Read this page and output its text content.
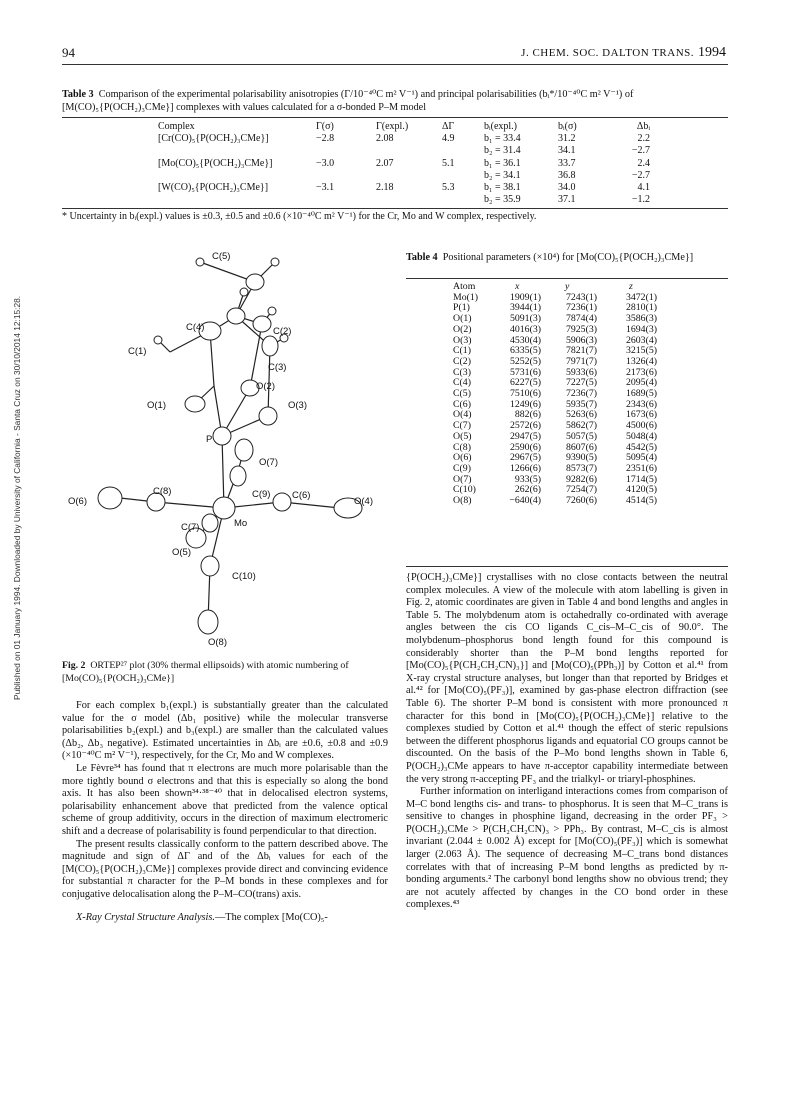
94	J. CHEM. SOC. DALTON TRANS. 1994
Published on 01 January 1994. Downloaded by University of California - Santa Cruz on 30/10/2014 12:15:28.
Table 3 Comparison of the experimental polarisability anisotropies (Γ/10⁻⁴⁰C m² V⁻¹) and principal polarisabilities (bᵢ*/10⁻⁴⁰C m² V⁻¹) of [M(CO)₅{P(OCH₂)₃CMe}] complexes with values calculated for a σ-bonded P–M model
Complex	Γ(σ)	Γ(expl.)	ΔΓ	bᵢ(expl.)	bᵢ(σ)	Δbᵢ
[Cr(CO)₅{P(OCH₂)₃CMe}]	−2.8	2.08	4.9	b₁ = 33.4	31.2	2.2
				b₂ = 31.4	34.1	−2.7
[Mo(CO)₅{P(OCH₂)₃CMe}]	−3.0	2.07	5.1	b₁ = 36.1	33.7	2.4
				b₂ = 34.1	36.8	−2.7
[W(CO)₅{P(OCH₂)₃CMe}]	−3.1	2.18	5.3	b₁ = 38.1	34.0	4.1
				b₂ = 35.9	37.1	−1.2
* Uncertainty in bᵢ(expl.) values is ±0.3, ±0.5 and ±0.6 (×10⁻⁴⁰C m² V⁻¹) for the Cr, Mo and W complex, respectively.
C(5)
C(4)	C(2)
C(1)
C(3)
O(2)
O(1)	O(3)
P
O(7)
C(8)
O(6)
C(9) C(6)
O(4)
C(7)	Mo
O(5)
C(10)
O(8)
Fig. 2 ORTEP²⁷ plot (30% thermal ellipsoids) with atomic numbering of [Mo(CO)₅{P(OCH₂)₃CMe}]
Table 4 Positional parameters (×10⁴) for [Mo(CO)₅{P(OCH₂)₃CMe}]
Atom	x	y	z
Mo(1)	1909(1)	7243(1)	3472(1)
P(1)	3944(1)	7236(1)	2810(1)
O(1)	5091(3)	7874(4)	3586(3)
O(2)	4016(3)	7925(3)	1694(3)
O(3)	4530(4)	5906(3)	2603(4)
C(1)	6335(5)	7821(7)	3215(5)
C(2)	5252(5)	7971(7)	1326(4)
C(3)	5731(6)	5933(6)	2173(6)
C(4)	6227(5)	7227(5)	2095(4)
C(5)	7510(6)	7236(7)	1689(5)
C(6)	1249(6)	5935(7)	2343(6)
O(4)	882(6)	5263(6)	1673(6)
C(7)	2572(6)	5862(7)	4500(6)
O(5)	2947(5)	5057(5)	5048(4)
C(8)	2590(6)	8607(6)	4542(5)
O(6)	2967(5)	9390(5)	5095(4)
C(9)	1266(6)	8573(7)	2351(6)
O(7)	933(5)	9282(6)	1714(5)
C(10)	262(6)	7254(7)	4120(5)
O(8)	−640(4)	7260(6)	4514(5)

For each complex b₁(expl.) is substantially greater than the calculated value for the σ model (Δb₁ positive) while the molecular transverse polarisabilities b₂(expl.) and b₃(expl.) are smaller than the calculated values (Δb₂, Δb₃ negative). Estimated uncertainties in Δbᵢ are ±0.6, ±0.8 and ±0.9 (×10⁻⁴⁰C m² V⁻¹), respectively, for the Cr, Mo and W complexes.

Le Fèvre³⁴ has found that π electrons are much more polarisable than the more tightly bound σ electrons and that this is especially so along the bond axis. It has also been shown³⁴·³⁸⁻⁴⁰ that in delocalised electron systems, polarisability enhancement above that predicted from the valence optical scheme of group additivity, occurs in the direction of maximum electromeric shift and a decrease of polarisability is found perpendicular to that direction.

The present results classically conform to the pattern described above. The magnitude and sign of ΔΓ and of the Δbᵢ values for each of the [M(CO)₅{P(OCH₂)₃CMe}] complexes provide direct and convincing evidence for substantial π character for the P–M bonds in these complexes and for conjugative delocalisation along the P–M–CO(trans) axis.

X-Ray Crystal Structure Analysis.—The complex [Mo(CO)₅-

{P(OCH₂)₃CMe}] crystallises with no close contacts between the neutral complex molecules. A view of the molecule with atom labelling is given in Fig. 2, atomic coordinates are given in Table 4 and bond lengths and angles in Table 5. The molybdenum atom is octahedrally co-ordinated with average angles between the cis CO ligands C_cis–M–C_cis of 90.0°. The molybdenum–phosphorus bond length found for this compound is considerably shorter than the P–M bond lengths reported for [Mo(CO)₅{P(CH₂CH₂CN)₃}] and [Mo(CO)₅(PPh₃)] by Cotton et al.⁴¹ from X-ray crystal structure analyses, but longer than that reported by Bridges et al.⁴² for [Mo(CO)₅(PF₃)], examined by gas-phase electron diffraction (see Table 6). The shorter P–M bond is consistent with more pronounced π character for this bond in [Mo(CO)₅{P(OCH₂)₃CMe}] relative to the complexes studied by Cotton et al.⁴¹ though the effect of steric repulsions between the different phosphorus ligands and equatorial CO groups cannot be discounted. On the basis of the P–Mo bond lengths shown in Table 6, P(OCH₂)₃CMe appears to have π-acceptor capability intermediate between the very strong π-accepting PF₃ and the trialkyl- or triaryl-phosphines.

Further information on interligand interactions comes from comparison of M–C bond lengths cis- and trans- to phosphorus. It is seen that M–C_trans is sensitive to changes in phosphine ligand, decreasing in the order PF₃ > P(OCH₂)₃CMe > P(CH₂CH₂CN)₃ > PPh₃. By contrast, M–C_cis is almost invariant (2.044 ± 0.002 Å) except for [Mo(CO)₅(PF₃)] which is somewhat larger (2.063 Å). The sequence of decreasing M–C_trans bond distances correlates with that of increasing P–M bond lengths as predicted by π-bonding arguments.² The carbonyl bond lengths show no obvious trend; they are not acutely affected by changes in the CO bond order in these complexes.⁴³
